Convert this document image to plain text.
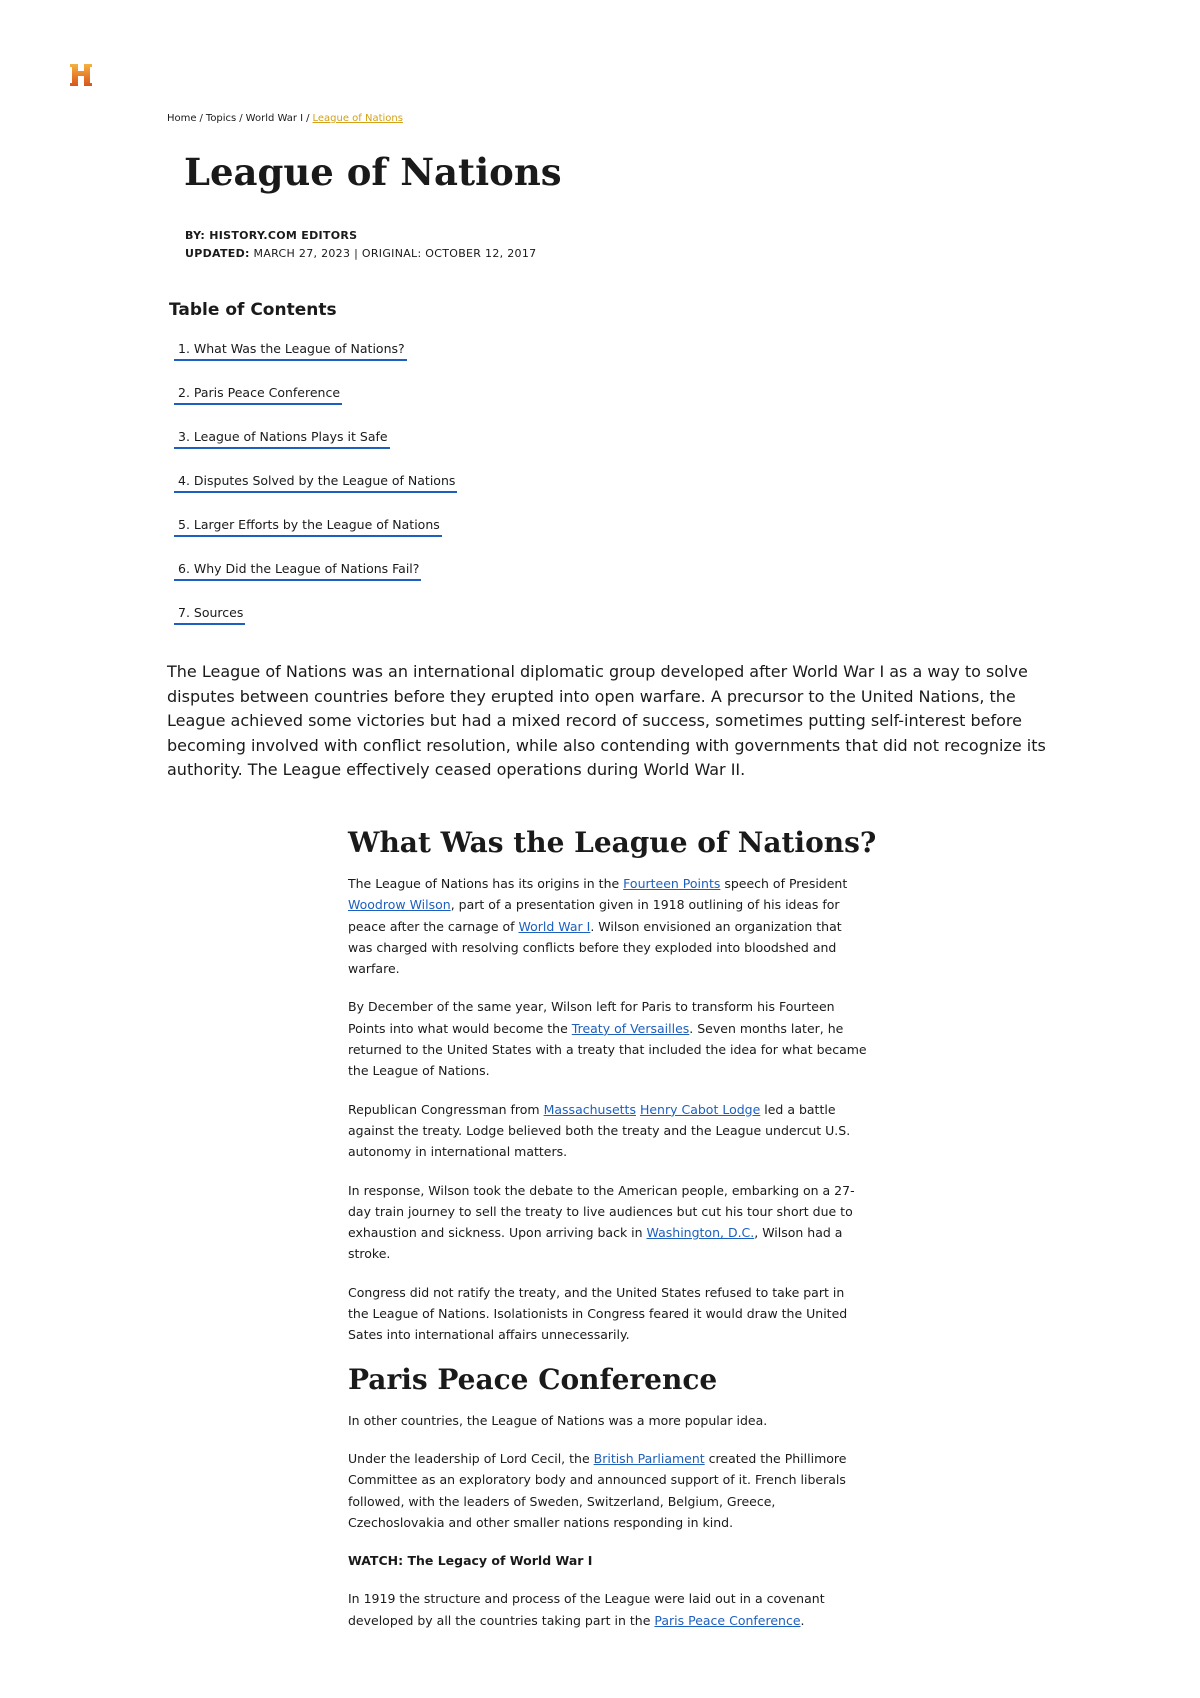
Home / Topics / World War I / League of Nations
League of Nations
BY: HISTORY.COM EDITORS
UPDATED: MARCH 27, 2023 | ORIGINAL: OCTOBER 12, 2017
Table of Contents
1. What Was the League of Nations?
2. Paris Peace Conference
3. League of Nations Plays it Safe
4. Disputes Solved by the League of Nations
5. Larger Efforts by the League of Nations
6. Why Did the League of Nations Fail?
7. Sources

The League of Nations was an international diplomatic group developed after World War I as a way to solve disputes between countries before they erupted into open warfare. A precursor to the United Nations, the League achieved some victories but had a mixed record of success, sometimes putting self-interest before becoming involved with conflict resolution, while also contending with governments that did not recognize its authority. The League effectively ceased operations during World War II.

What Was the League of Nations?

The League of Nations has its origins in the Fourteen Points speech of President Woodrow Wilson, part of a presentation given in 1918 outlining of his ideas for peace after the carnage of World War I. Wilson envisioned an organization that was charged with resolving conflicts before they exploded into bloodshed and warfare.

By December of the same year, Wilson left for Paris to transform his Fourteen Points into what would become the Treaty of Versailles. Seven months later, he returned to the United States with a treaty that included the idea for what became the League of Nations.

Republican Congressman from Massachusetts Henry Cabot Lodge led a battle against the treaty. Lodge believed both the treaty and the League undercut U.S. autonomy in international matters.

In response, Wilson took the debate to the American people, embarking on a 27-day train journey to sell the treaty to live audiences but cut his tour short due to exhaustion and sickness. Upon arriving back in Washington, D.C., Wilson had a stroke.

Congress did not ratify the treaty, and the United States refused to take part in the League of Nations. Isolationists in Congress feared it would draw the United Sates into international affairs unnecessarily.

Paris Peace Conference

In other countries, the League of Nations was a more popular idea.

Under the leadership of Lord Cecil, the British Parliament created the Phillimore Committee as an exploratory body and announced support of it. French liberals followed, with the leaders of Sweden, Switzerland, Belgium, Greece, Czechoslovakia and other smaller nations responding in kind.

WATCH: The Legacy of World War I

In 1919 the structure and process of the League were laid out in a covenant developed by all the countries taking part in the Paris Peace Conference.
